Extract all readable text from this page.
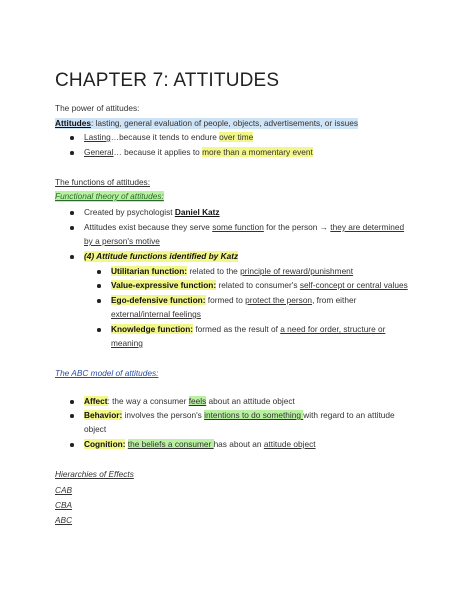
CHAPTER 7: ATTITUDES
The power of attitudes:
Attitudes: lasting, general evaluation of people, objects, advertisements, or issues
Lasting…because it tends to endure over time
General… because it applies to more than a momentary event
The functions of attitudes:
Functional theory of attitudes:
Created by psychologist Daniel Katz
Attitudes exist because they serve some function for the person → they are determined
by a person's motive
(4) Attitude functions identified by Katz
Utilitarian function: related to the principle of reward/punishment
Value-expressive function: related to consumer's self-concept or central values
Ego-defensive function: formed to protect the person, from either
external/internal feelings
Knowledge function: formed as the result of a need for order, structure or
meaning
The ABC model of attitudes:
Affect: the way a consumer feels about an attitude object
Behavior: involves the person's intentions to do something with regard to an attitude
object
Cognition: the beliefs a consumer has about an attitude object
Hierarchies of Effects
CAB
CBA
ABC
